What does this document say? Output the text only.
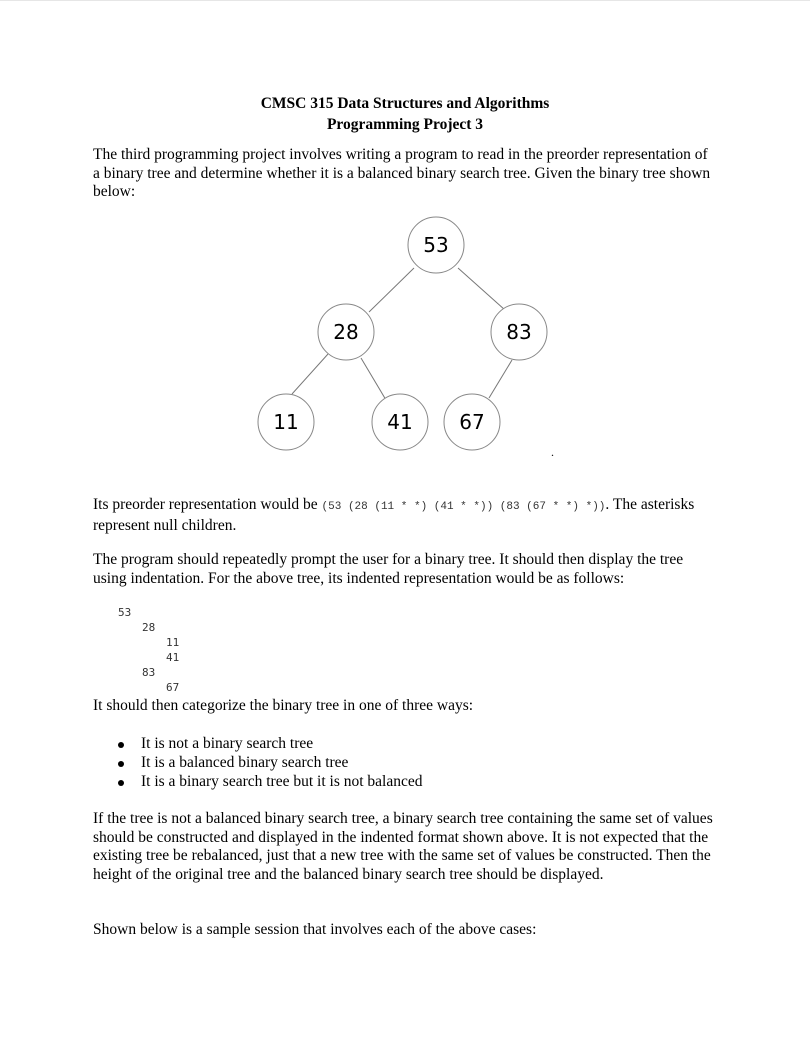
CMSC 315 Data Structures and Algorithms
Programming Project 3
The third programming project involves writing a program to read in the preorder representation of a binary tree and determine whether it is a balanced binary search tree. Given the binary tree shown below:
53
28	83
11	41 67
.
Its preorder representation would be (53 (28 (11 * *) (41 * *)) (83 (67 * *) *)). The asterisks represent null children.
The program should repeatedly prompt the user for a binary tree. It should then display the tree using indentation. For the above tree, its indented representation would be as follows:
53
28
11
41
83
67
It should then categorize the binary tree in one of three ways:
It is not a binary search tree
It is a balanced binary search tree
It is a binary search tree but it is not balanced
If the tree is not a balanced binary search tree, a binary search tree containing the same set of values should be constructed and displayed in the indented format shown above. It is not expected that the existing tree be rebalanced, just that a new tree with the same set of values be constructed. Then the height of the original tree and the balanced binary search tree should be displayed.
Shown below is a sample session that involves each of the above cases:
